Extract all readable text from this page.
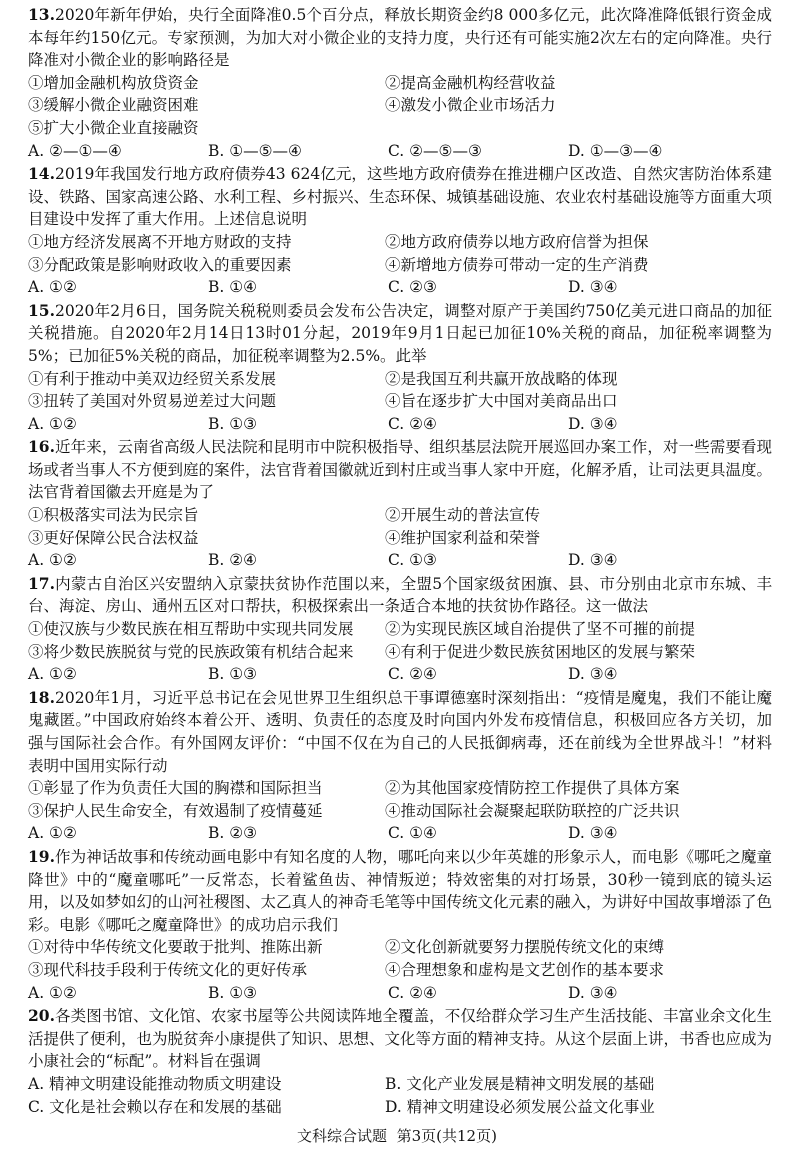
13.2020年新年伊始，央行全面降准0.5个百分点，释放长期资金约8 000多亿元，此次降准降低银行资金成本每年约150亿元。专家预测，为加大对小微企业的支持力度，央行还有可能实施2次左右的定向降准。央行降准对小微企业的影响路径是
①增加金融机构放贷资金	②提高金融机构经营收益
③缓解小微企业融资困难	④激发小微企业市场活力
⑤扩大小微企业直接融资
A. ②—①—④	B. ①—⑤—④	C. ②—⑤—③	D. ①—③—④
14.2019年我国发行地方政府债券43 624亿元，这些地方政府债券在推进棚户区改造、自然灾害防治体系建设、铁路、国家高速公路、水利工程、乡村振兴、生态环保、城镇基础设施、农业农村基础设施等方面重大项目建设中发挥了重大作用。上述信息说明
①地方经济发展离不开地方财政的支持	②地方政府债券以地方政府信誉为担保
③分配政策是影响财政收入的重要因素	④新增地方债券可带动一定的生产消费
A. ①②	B. ①④	C. ②③	D. ③④
15.2020年2月6日，国务院关税税则委员会发布公告决定，调整对原产于美国约750亿美元进口商品的加征关税措施。自2020年2月14日13时01分起，2019年9月1日起已加征10%关税的商品，加征税率调整为5%；已加征5%关税的商品，加征税率调整为2.5%。此举
①有利于推动中美双边经贸关系发展	②是我国互利共赢开放战略的体现
③扭转了美国对外贸易逆差过大问题	④旨在逐步扩大中国对美商品出口
A. ①②	B. ①③	C. ②④	D. ③④
16.近年来，云南省高级人民法院和昆明市中院积极指导、组织基层法院开展巡回办案工作，对一些需要看现场或者当事人不方便到庭的案件，法官背着国徽就近到村庄或当事人家中开庭，化解矛盾，让司法更具温度。法官背着国徽去开庭是为了
①积极落实司法为民宗旨	②开展生动的普法宣传
③更好保障公民合法权益	④维护国家利益和荣誉
A. ①②	B. ②④	C. ①③	D. ③④
17.内蒙古自治区兴安盟纳入京蒙扶贫协作范围以来，全盟5个国家级贫困旗、县、市分别由北京市东城、丰台、海淀、房山、通州五区对口帮扶，积极探索出一条适合本地的扶贫协作路径。这一做法
①使汉族与少数民族在相互帮助中实现共同发展	②为实现民族区域自治提供了坚不可摧的前提
③将少数民族脱贫与党的民族政策有机结合起来	④有利于促进少数民族贫困地区的发展与繁荣
A. ①②	B. ①③	C. ②④	D. ③④
18.2020年1月，习近平总书记在会见世界卫生组织总干事谭德塞时深刻指出：“疫情是魔鬼，我们不能让魔鬼藏匿。”中国政府始终本着公开、透明、负责任的态度及时向国内外发布疫情信息，积极回应各方关切，加强与国际社会合作。有外国网友评价：“中国不仅在为自己的人民抵御病毒，还在前线为全世界战斗！”材料表明中国用实际行动
①彰显了作为负责任大国的胸襟和国际担当	②为其他国家疫情防控工作提供了具体方案
③保护人民生命安全，有效遏制了疫情蔓延	④推动国际社会凝聚起联防联控的广泛共识
A. ①②	B. ②③	C. ①④	D. ③④
19.作为神话故事和传统动画电影中有知名度的人物，哪吒向来以少年英雄的形象示人，而电影《哪吒之魔童降世》中的“魔童哪吒”一反常态，长着鲨鱼齿、神情叛逆；特效密集的对打场景，30秒一镜到底的镜头运用，以及如梦如幻的山河社稷图、太乙真人的神奇毛笔等中国传统文化元素的融入，为讲好中国故事增添了色彩。电影《哪吒之魔童降世》的成功启示我们
①对待中华传统文化要敢于批判、推陈出新	②文化创新就要努力摆脱传统文化的束缚
③现代科技手段利于传统文化的更好传承	④合理想象和虚构是文艺创作的基本要求
A. ①②	B. ①③	C. ②④	D. ③④
20.各类图书馆、文化馆、农家书屋等公共阅读阵地全覆盖，不仅给群众学习生产生活技能、丰富业余文化生活提供了便利，也为脱贫奔小康提供了知识、思想、文化等方面的精神支持。从这个层面上讲，书香也应成为小康社会的“标配”。材料旨在强调
A. 精神文明建设能推动物质文明建设	B. 文化产业发展是精神文明发展的基础
C. 文化是社会赖以存在和发展的基础	D. 精神文明建设必须发展公益文化事业
文科综合试题 第3页(共12页)
